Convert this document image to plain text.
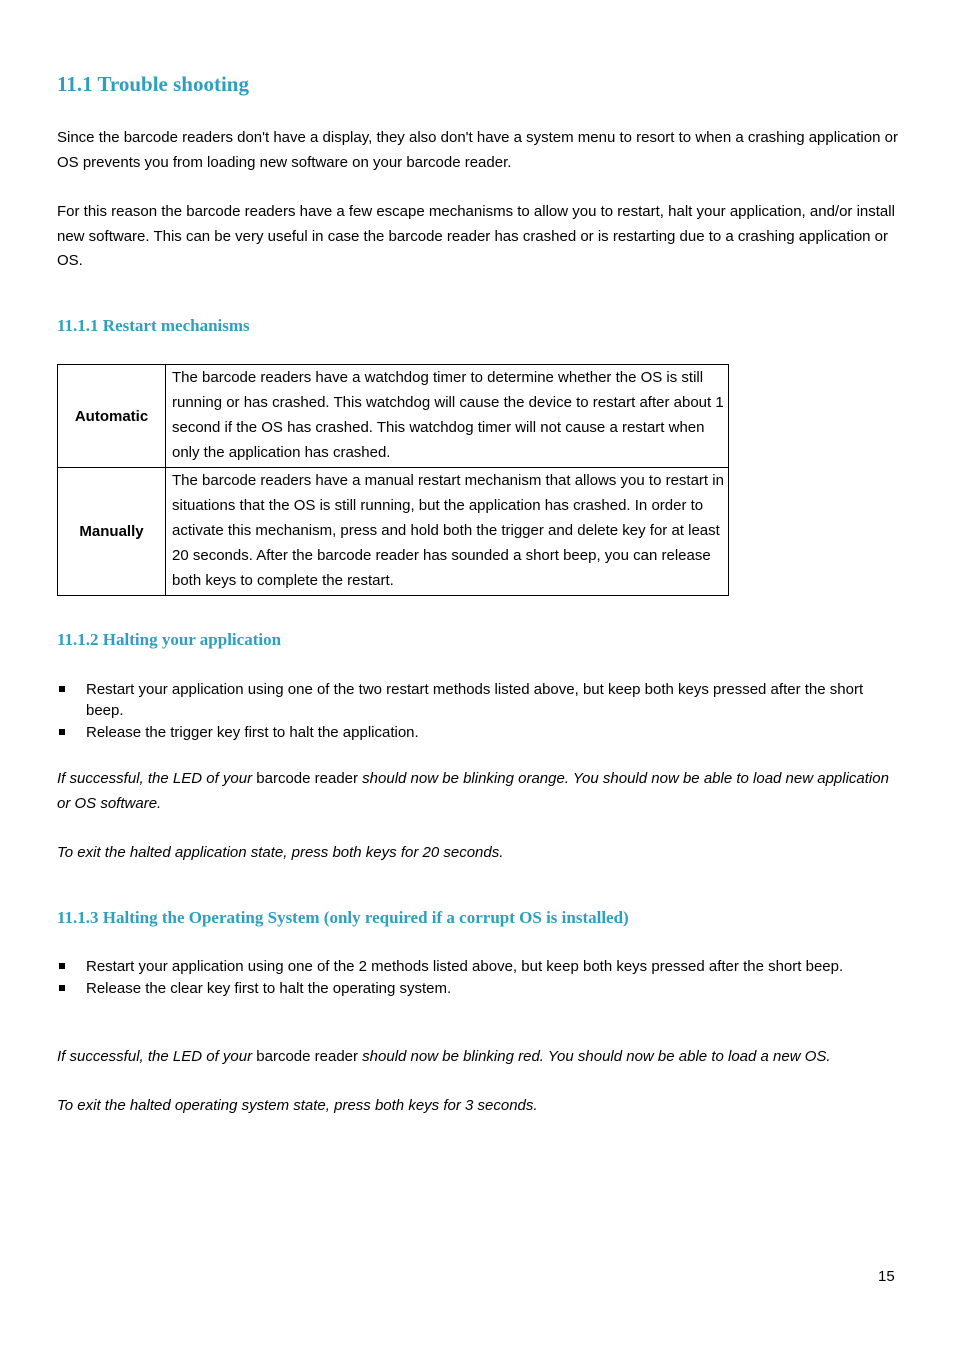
11.1 Trouble shooting

Since the barcode readers don't have a display, they also don't have a system menu to resort to when a crashing application or OS prevents you from loading new software on your barcode reader.

For this reason the barcode readers have a few escape mechanisms to allow you to restart, halt your application, and/or install new software. This can be very useful in case the barcode reader has crashed or is restarting due to a crashing application or OS.

11.1.1 Restart mechanisms
Automatic	The barcode readers have a watchdog timer to determine whether the OS is still running or has crashed. This watchdog will cause the device to restart after about 1 second if the OS has crashed. This watchdog timer will not cause a restart when only the application has crashed.
Manually	The barcode readers have a manual restart mechanism that allows you to restart in situations that the OS is still running, but the application has crashed. In order to activate this mechanism, press and hold both the trigger and delete key for at least 20 seconds. After the barcode reader has sounded a short beep, you can release both keys to complete the restart.
11.1.2 Halting your application
Restart your application using one of the two restart methods listed above, but keep both keys pressed after the short beep.
Release the trigger key first to halt the application.

If successful, the LED of your barcode reader should now be blinking orange. You should now be able to load new application or OS software.

To exit the halted application state, press both keys for 20 seconds.

11.1.3 Halting the Operating System (only required if a corrupt OS is installed)
Restart your application using one of the 2 methods listed above, but keep both keys pressed after the short beep.
Release the clear key first to halt the operating system.

If successful, the LED of your barcode reader should now be blinking red. You should now be able to load a new OS.

To exit the halted operating system state, press both keys for 3 seconds.

15
